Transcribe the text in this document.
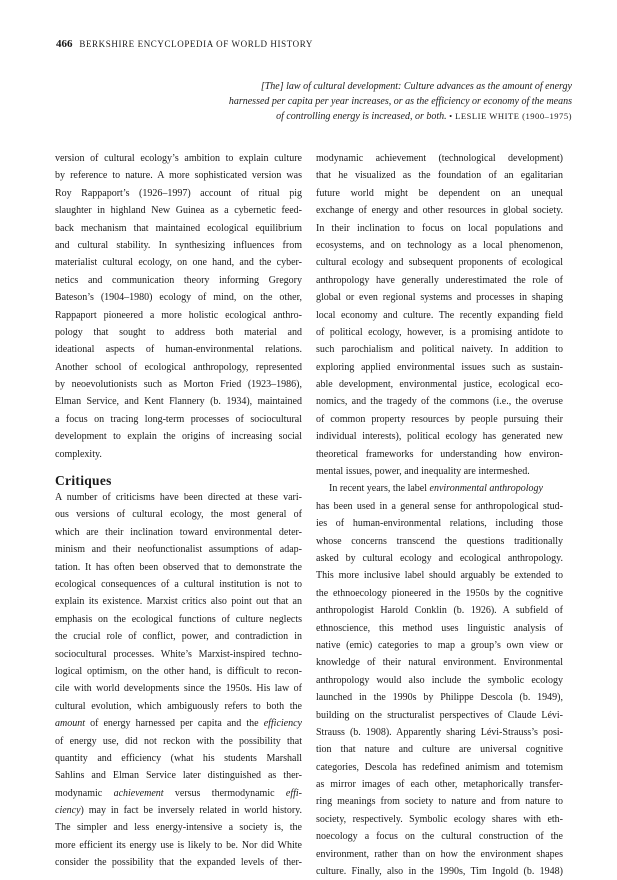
466 BERKSHIRE ENCYCLOPEDIA OF WORLD HISTORY
[The] law of cultural development: Culture advances as the amount of energy
harnessed per capita per year increases, or as the efficiency or economy of the means
of controlling energy is increased, or both. • LESLIE WHITE (1900–1975)
version of cultural ecology’s ambition to explain culture
by reference to nature. A more sophisticated version was
Roy Rappaport’s (1926–1997) account of ritual pig
slaughter in highland New Guinea as a cybernetic feed-
back mechanism that maintained ecological equilibrium
and cultural stability. In synthesizing influences from
materialist cultural ecology, on one hand, and the cyber-
netics and communication theory informing Gregory
Bateson’s (1904–1980) ecology of mind, on the other,
Rappaport pioneered a more holistic ecological anthro-
pology that sought to address both material and
ideational aspects of human-environmental relations.
Another school of ecological anthropology, represented
by neoevolutionists such as Morton Fried (1923–1986),
Elman Service, and Kent Flannery (b. 1934), maintained
a focus on tracing long-term processes of sociocultural
development to explain the origins of increasing social
complexity.
Critiques
A number of criticisms have been directed at these vari-
ous versions of cultural ecology, the most general of
which are their inclination toward environmental deter-
minism and their neofunctionalist assumptions of adap-
tation. It has often been observed that to demonstrate the
ecological consequences of a cultural institution is not to
explain its existence. Marxist critics also point out that an
emphasis on the ecological functions of culture neglects
the crucial role of conflict, power, and contradiction in
sociocultural processes. White’s Marxist-inspired techno-
logical optimism, on the other hand, is difficult to recon-
cile with world developments since the 1950s. His law of
cultural evolution, which ambiguously refers to both the
amount of energy harnessed per capita and the efficiency
of energy use, did not reckon with the possibility that
quantity and efficiency (what his students Marshall
Sahlins and Elman Service later distinguished as ther-
modynamic achievement versus thermodynamic effi-
ciency) may in fact be inversely related in world history.
The simpler and less energy-intensive a society is, the
more efficient its energy use is likely to be. Nor did White
consider the possibility that the expanded levels of ther-
modynamic achievement (technological development)
that he visualized as the foundation of an egalitarian
future world might be dependent on an unequal
exchange of energy and other resources in global society.
In their inclination to focus on local populations and
ecosystems, and on technology as a local phenomenon,
cultural ecology and subsequent proponents of ecological
anthropology have generally underestimated the role of
global or even regional systems and processes in shaping
local economy and culture. The recently expanding field
of political ecology, however, is a promising antidote to
such parochialism and political naivety. In addition to
exploring applied environmental issues such as sustain-
able development, environmental justice, ecological eco-
nomics, and the tragedy of the commons (i.e., the overuse
of common property resources by people pursuing their
individual interests), political ecology has generated new
theoretical frameworks for understanding how environ-
mental issues, power, and inequality are intermeshed.
In recent years, the label environmental anthropology
has been used in a general sense for anthropological stud-
ies of human-environmental relations, including those
whose concerns transcend the questions traditionally
asked by cultural ecology and ecological anthropology.
This more inclusive label should arguably be extended to
the ethnoecology pioneered in the 1950s by the cognitive
anthropologist Harold Conklin (b. 1926). A subfield of
ethnoscience, this method uses linguistic analysis of
native (emic) categories to map a group’s own view or
knowledge of their natural environment. Environmental
anthropology would also include the symbolic ecology
launched in the 1990s by Philippe Descola (b. 1949),
building on the structuralist perspectives of Claude Lévi-
Strauss (b. 1908). Apparently sharing Lévi-Strauss’s posi-
tion that nature and culture are universal cognitive
categories, Descola has redefined animism and totemism
as mirror images of each other, metaphorically transfer-
ring meanings from society to nature and from nature to
society, respectively. Symbolic ecology shares with eth-
noecology a focus on the cultural construction of the
environment, rather than on how the environment shapes
culture. Finally, also in the 1990s, Tim Ingold (b. 1948)
